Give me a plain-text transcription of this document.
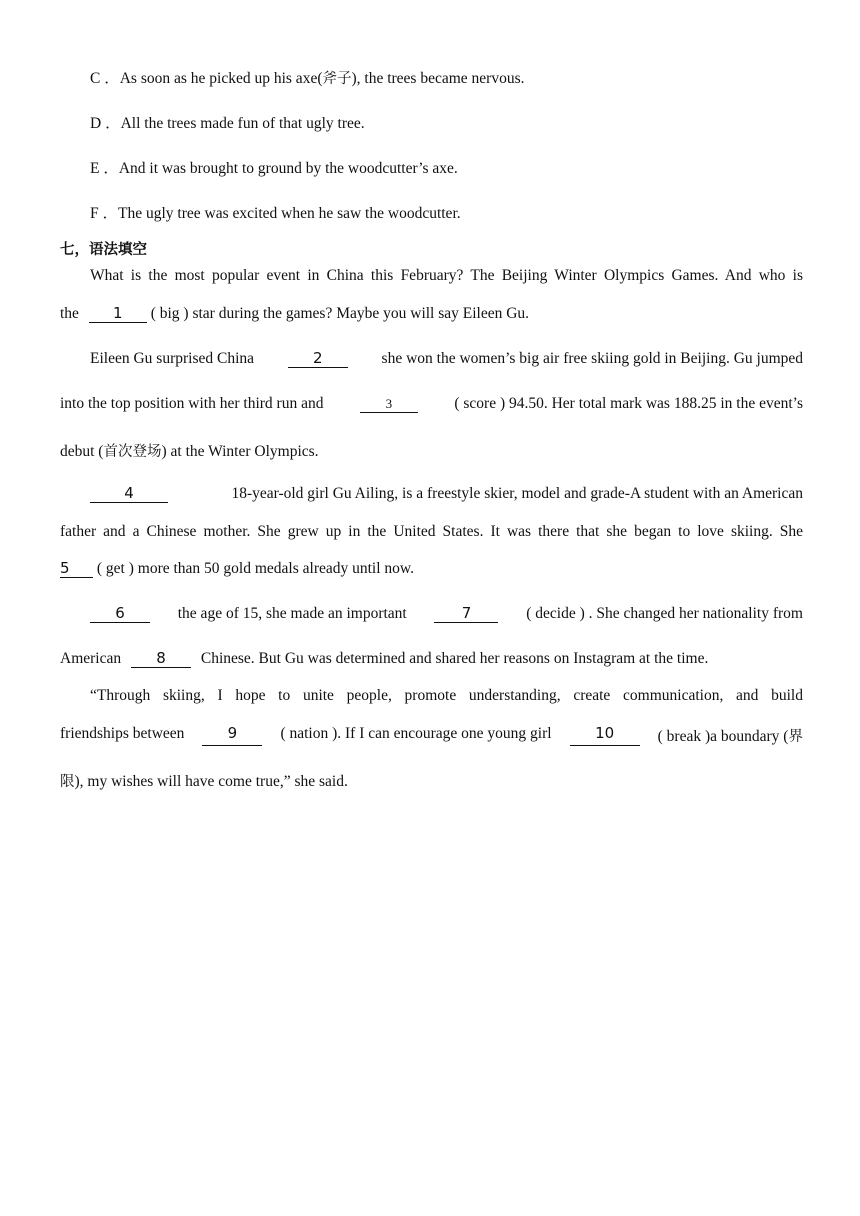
C ．As soon as he picked up his axe(斧子), the trees became nervous.
D ．All the trees made fun of that ugly tree.
E ．And it was brought to ground by the woodcutter’s axe.
F ．The ugly tree was excited when he saw the woodcutter.
七，语法填空
What is the most popular event in China this February? The Beijing Winter Olympics Games. And who is
the 1 ( big ) star during the games? Maybe you will say Eileen Gu.
Eileen Gu surprised China	2	she won the women’s big air free skiing gold in Beijing. Gu jumped
into the top position with her third run and	3	( score ) 94.50. Her total mark was 188.25 in the event’s
debut (首次登场) at the Winter Olympics.
4	18-year-old girl Gu Ailing, is a freestyle skier, model and grade-A student with an American
father and a Chinese mother. She grew up in the United States. It was there that she began to love skiing. She
5 ( get ) more than 50 gold medals already until now.
6	the age of 15, she made an important	7	( decide ) . She changed her nationality from
American 8 Chinese. But Gu was determined and shared her reasons on Instagram at the time.
“Through skiing, I hope to unite people, promote understanding, create communication, and build
friendships between	9	( nation ). If I can encourage one young girl	10	( break )a boundary (界
限), my wishes will have come true,” she said.
